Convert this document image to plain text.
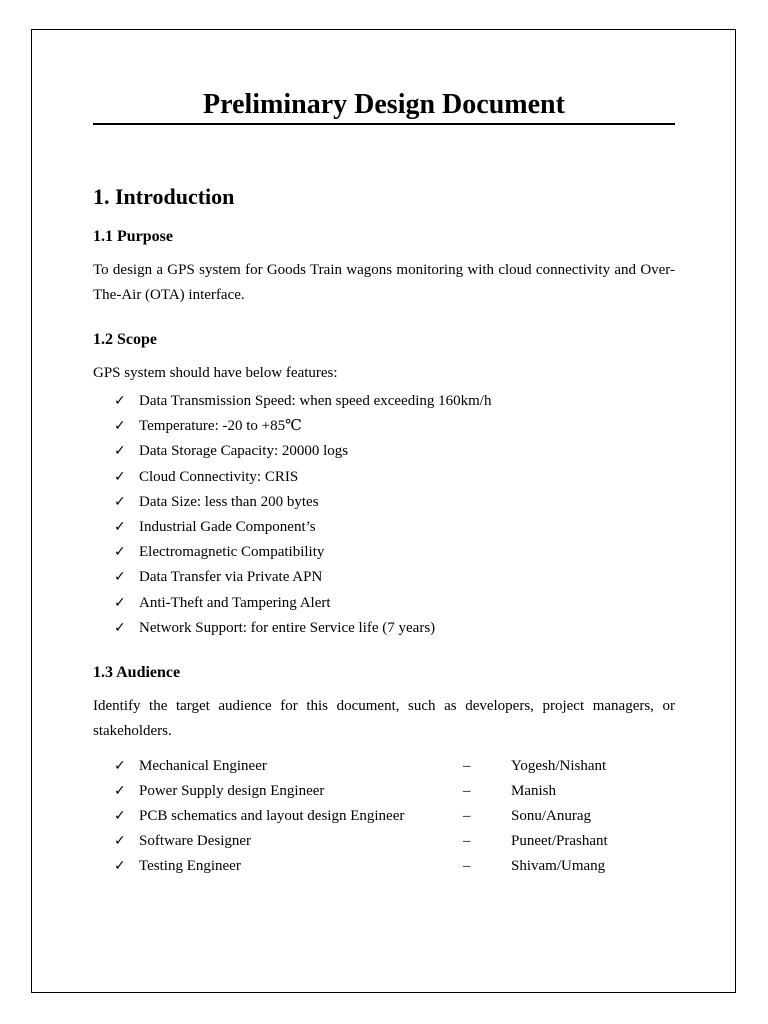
Preliminary Design Document
1. Introduction
1.1 Purpose

To design a GPS system for Goods Train wagons monitoring with cloud connectivity and Over-The-Air (OTA) interface.

1.2 Scope

GPS system should have below features:

✓ Data Transmission Speed: when speed exceeding 160km/h
✓ Temperature: -20 to +85℃
✓ Data Storage Capacity: 20000 logs
✓ Cloud Connectivity: CRIS
✓ Data Size: less than 200 bytes
✓ Industrial Gade Component’s
✓ Electromagnetic Compatibility
✓ Data Transfer via Private APN
✓ Anti-Theft and Tampering Alert
✓ Network Support: for entire Service life (7 years)
1.3 Audience

Identify the target audience for this document, such as developers, project managers, or stakeholders.

✓ Mechanical Engineer	–	Yogesh/Nishant
✓ Power Supply design Engineer	–	Manish
✓ PCB schematics and layout design Engineer	–	Sonu/Anurag
✓ Software Designer	–	Puneet/Prashant
✓ Testing Engineer	–	Shivam/Umang
